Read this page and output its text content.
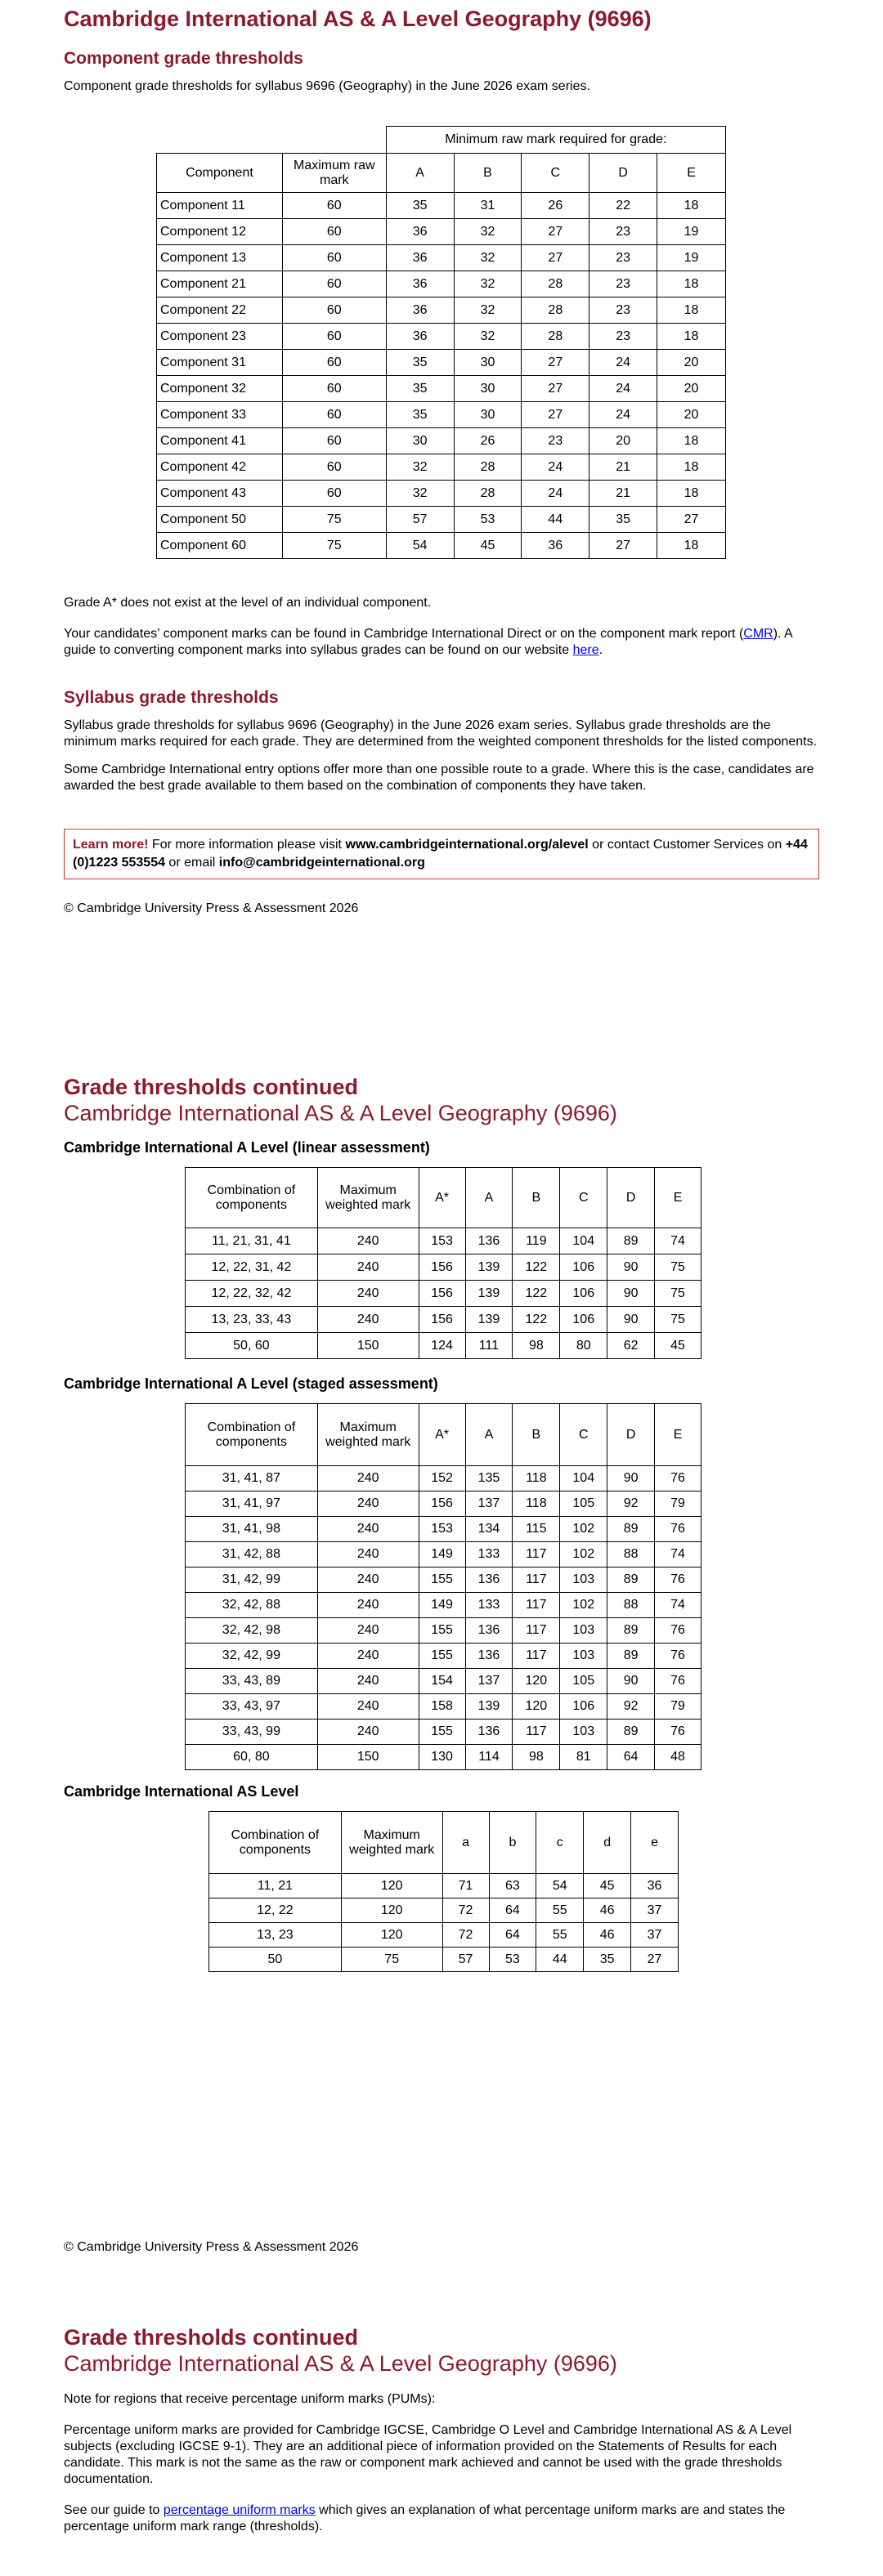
Cambridge International AS & A Level Geography (9696)
Component grade thresholds

Component grade thresholds for syllabus 9696 (Geography) in the June 2026 exam series.

		Minimum raw mark required for grade:				
Component	Maximum raw mark	A	B	C	D	E
Component 11	60	35	31	26	22	18
Component 12	60	36	32	27	23	19
Component 13	60	36	32	27	23	19
Component 21	60	36	32	28	23	18
Component 22	60	36	32	28	23	18
Component 23	60	36	32	28	23	18
Component 31	60	35	30	27	24	20
Component 32	60	35	30	27	24	20
Component 33	60	35	30	27	24	20
Component 41	60	30	26	23	20	18
Component 42	60	32	28	24	21	18
Component 43	60	32	28	24	21	18
Component 50	75	57	53	44	35	27
Component 60	75	54	45	36	27	18

Grade A* does not exist at the level of an individual component.

Your candidates’ component marks can be found in Cambridge International Direct or on the component mark report (CMR). A guide to converting component marks into syllabus grades can be found on our website here.

Syllabus grade thresholds

Syllabus grade thresholds for syllabus 9696 (Geography) in the June 2026 exam series. Syllabus grade thresholds are the minimum marks required for each grade. They are determined from the weighted component thresholds for the listed components.

Some Cambridge International entry options offer more than one possible route to a grade. Where this is the case, candidates are awarded the best grade available to them based on the combination of components they have taken.

Learn more! For more information please visit www.cambridgeinternational.org/alevel or contact Customer Services on +44 (0)1223 553554 or email info@cambridgeinternational.org

© Cambridge University Press & Assessment 2026

Grade thresholds continued
Cambridge International AS & A Level Geography (9696)

Cambridge International A Level (linear assessment)

Combination of components	Maximum weighted mark	A*	A	B	C	D	E
11, 21, 31, 41	240	153	136	119	104	89	74
12, 22, 31, 42	240	156	139	122	106	90	75
12, 22, 32, 42	240	156	139	122	106	90	75
13, 23, 33, 43	240	156	139	122	106	90	75
50, 60	150	124	111	98	80	62	45

Cambridge International A Level (staged assessment)

Combination of components	Maximum weighted mark	A*	A	B	C	D	E
31, 41, 87	240	152	135	118	104	90	76
31, 41, 97	240	156	137	118	105	92	79
31, 41, 98	240	153	134	115	102	89	76
31, 42, 88	240	149	133	117	102	88	74
31, 42, 99	240	155	136	117	103	89	76
32, 42, 88	240	149	133	117	102	88	74
32, 42, 98	240	155	136	117	103	89	76
32, 42, 99	240	155	136	117	103	89	76
33, 43, 89	240	154	137	120	105	90	76
33, 43, 97	240	158	139	120	106	92	79
33, 43, 99	240	155	136	117	103	89	76
60, 80	150	130	114	98	81	64	48

Cambridge International AS Level

Combination of components	Maximum weighted mark	a	b	c	d	e
11, 21	120	71	63	54	45	36
12, 22	120	72	64	55	46	37
13, 23	120	72	64	55	46	37
50	75	57	53	44	35	27

© Cambridge University Press & Assessment 2026

Grade thresholds continued
Cambridge International AS & A Level Geography (9696)

Note for regions that receive percentage uniform marks (PUMs):

Percentage uniform marks are provided for Cambridge IGCSE, Cambridge O Level and Cambridge International AS & A Level subjects (excluding IGCSE 9-1). They are an additional piece of information provided on the Statements of Results for each candidate. This mark is not the same as the raw or component mark achieved and cannot be used with the grade thresholds documentation.

See our guide to percentage uniform marks which gives an explanation of what percentage uniform marks are and states the percentage uniform mark range (thresholds).
